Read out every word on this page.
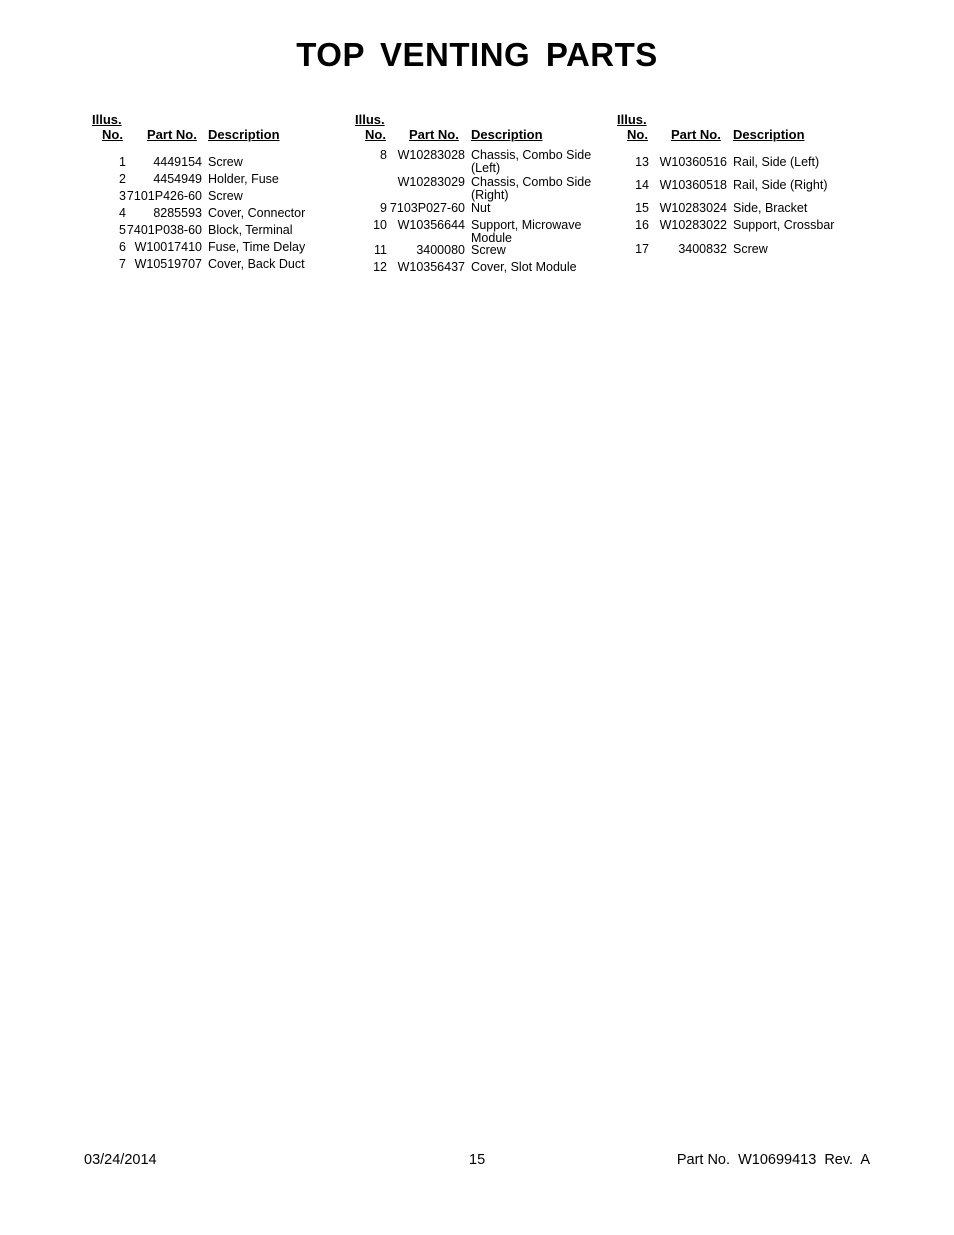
TOP VENTING PARTS
Illus.
No. Part No. Description
1 4449154 Screw
2 4454949 Holder, Fuse
3 7101P426-60 Screw
4 8285593 Cover, Connector
5 7401P038-60 Block, Terminal
6 W10017410 Fuse, Time Delay
7 W10519707 Cover, Back Duct
Illus.
No. Part No. Description
8 W10283028 Chassis, Combo Side
(Left)
W10283029 Chassis, Combo Side
(Right)
9 7103P027-60 Nut
10 W10356644 Support, Microwave
Module
11 3400080 Screw
12 W10356437 Cover, Slot Module
Illus.
No. Part No. Description
13 W10360516 Rail, Side (Left)
14 W10360518 Rail, Side (Right)
15 W10283024 Side, Bracket
16 W10283022 Support, Crossbar
17 3400832 Screw
03/24/2014	15	Part No.  W10699413  Rev.  A
